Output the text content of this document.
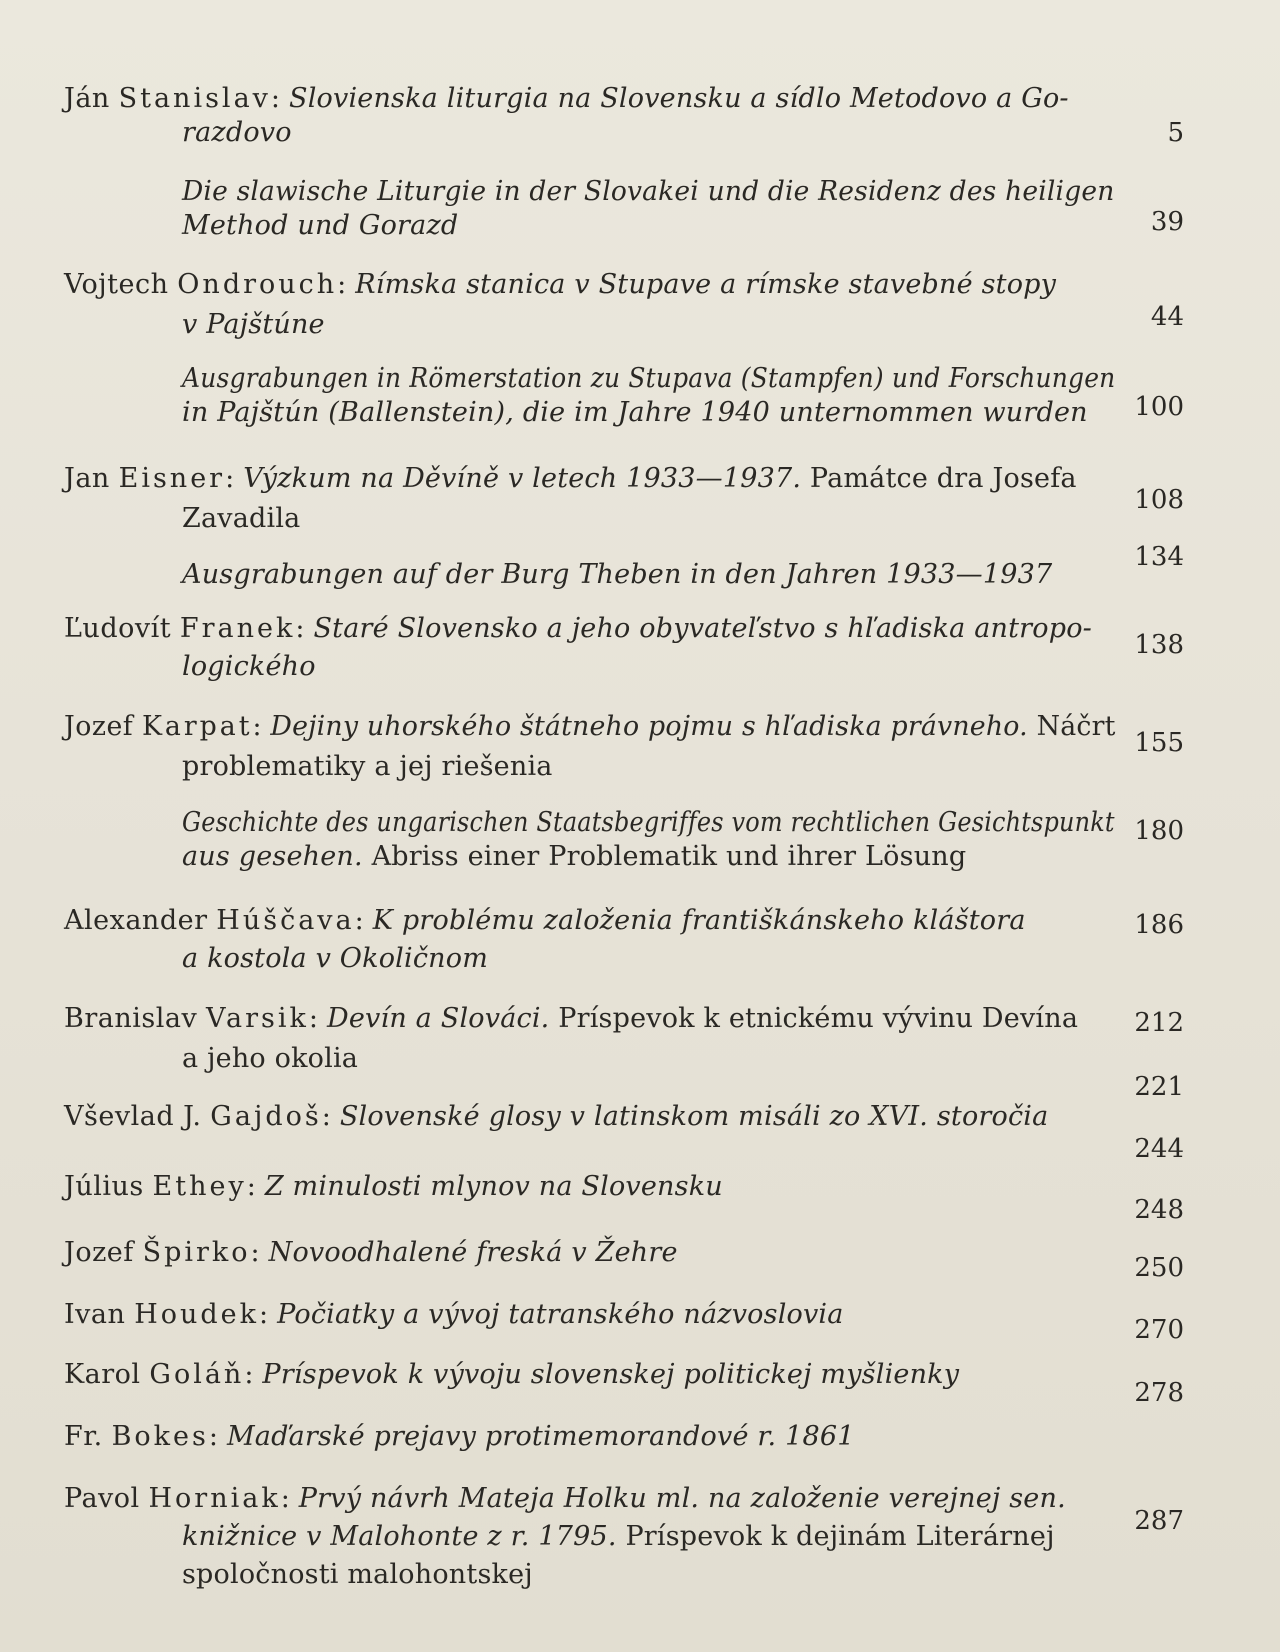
Ján Stanislav: Slovienska liturgia na Slovensku a sídlo Metodovo a Go-
razdovo	5
Die slawische Liturgie in der Slovakei und die Residenz des heiligen
Method und Gorazd	39
Vojtech Ondrouch: Rímska stanica v Stupave a rímske stavebné stopy
v Pajštúne	44
Ausgrabungen in Römerstation zu Stupava (Stampfen) und Forschungen
in Pajštún (Ballenstein), die im Jahre 1940 unternommen wurden 100
Jan Eisner: Výzkum na Děvíně v letech 1933—1937. Památce dra Josefa
Zavadila
108
Ausgrabungen auf der Burg Theben in den Jahren 1933—1937
134
Ľudovít Franek: Staré Slovensko a jeho obyvateľstvo s hľadiska antropo-
logického
138
Jozef Karpat: Dejiny uhorského štátneho pojmu s hľadiska právneho. Náčrt
problematiky a jej riešenia
155
Geschichte des ungarischen Staatsbegriffes vom rechtlichen Gesichtspunkt
aus gesehen. Abriss einer Problematik und ihrer Lösung
180
Alexander Húščava: K problému založenia františkánskeho kláštora
a kostola v Okoličnom
186
Branislav Varsik: Devín a Slováci. Príspevok k etnickému vývinu Devína
a jeho okolia
212
Vševlad J. Gajdoš: Slovenské glosy v latinskom misáli zo XVI. storočia
221
Július Ethey: Z minulosti mlynov na Slovensku
244
Jozef Špirko: Novoodhalené freská v Žehre
248
Ivan Houdek: Počiatky a vývoj tatranského názvoslovia
250
Karol Goláň: Príspevok k vývoju slovenskej politickej myšlienky
270
Fr. Bokes: Maďarské prejavy protimemorandové r. 1861
278
Pavol Horniak: Prvý návrh Mateja Holku ml. na založenie verejnej sen.
knižnice v Malohonte z r. 1795. Príspevok k dejinám Literárnej
spoločnosti malohontskej
287
